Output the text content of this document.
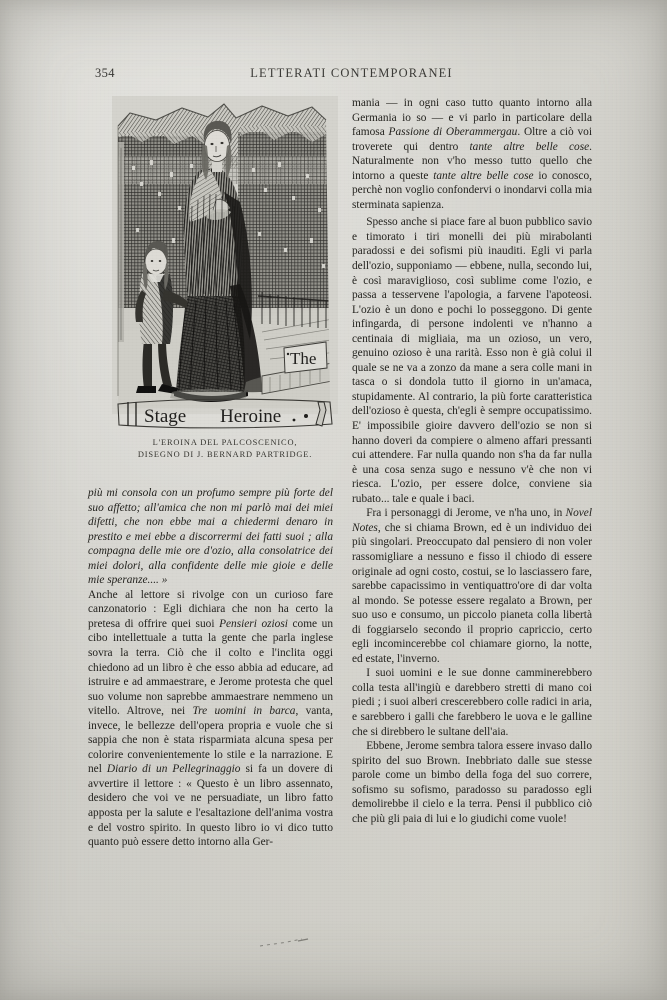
354	LETTERATI CONTEMPORANEI
The
Stage Heroine
L'EROINA DEL PALCOSCENICO,
DISEGNO DI J. BERNARD PARTRIDGE.

più mi consola con un profumo sempre più forte del suo affetto; all'amica che non mi parlò mai dei miei difetti, che non ebbe mai a chiedermi denaro in prestito e mei ebbe a discorrermi dei fatti suoi ; alla compagna delle mie ore d'ozio, alla consolatrice dei miei dolori, alla confidente delle mie gioie e delle mie speranze.... »

Anche al lettore si rivolge con un curioso fare canzonatorio : Egli dichiara che non ha certo la pretesa di offrire quei suoi Pensieri oziosi come un cibo intellettuale a tutta la gente che parla inglese sovra la terra. Ciò che il colto e l'inclita oggi chiedono ad un libro è che esso abbia ad educare, ad istruire e ad ammaestrare, e Jerome protesta che quel suo volume non saprebbe ammaestrare nemmeno un vitello. Altrove, nei Tre uomini in barca, vanta, invece, le bellezze dell'opera propria e vuole che si sappia che non è stata risparmiata alcuna spesa per colorire convenientemente lo stile e la narrazione. E nel Diario di un Pellegrinaggio si fa un dovere di avvertire il lettore : « Questo è un libro assennato, desidero che voi ve ne persuadiate, un libro fatto apposta per la salute e l'esaltazione dell'anima vostra e del vostro spirito. In questo libro io vi dico tutto quanto può essere detto intorno alla Ger-

mania — in ogni caso tutto quanto intorno alla Germania io so — e vi parlo in particolare della famosa Passione di Oberammergau. Oltre a ciò voi troverete qui dentro tante altre belle cose. Naturalmente non v'ho messo tutto quello che intorno a queste tante altre belle cose io conosco, perchè non voglio confondervi o inondarvi colla mia sterminata sapienza.

Spesso anche si piace fare al buon pubblico savio e timorato i tiri monelli dei più mirabolanti paradossi e dei sofismi più inauditi. Egli vi parla dell'ozio, supponiamo — ebbene, nulla, secondo lui, è così maraviglioso, così sublime come l'ozio, e passa a tesservene l'apologia, a farvene l'apoteosi. L'ozio è un dono e pochi lo posseggono. Di gente infingarda, di persone indolenti ve n'hanno a centinaia di migliaia, ma un ozioso, un vero, genuino ozioso è una rarità. Esso non è già colui il quale se ne va a zonzo da mane a sera colle mani in tasca o si dondola tutto il giorno in un'amaca, stupidamente. Al contrario, la più forte caratteristica dell'ozioso è questa, ch'egli è sempre occupatissimo. E' impossibile gioire davvero dell'ozio se non si hanno doveri da compiere o almeno affari pressanti cui attendere. Far nulla quando non s'ha da far nulla è una cosa senza sugo e nessuno v'è che non vi riesca. L'ozio, per essere dolce, conviene sia rubato... tale e quale i baci.

Fra i personaggi di Jerome, ve n'ha uno, in Novel Notes, che si chiama Brown, ed è un individuo dei più singolari. Preoccupato dal pensiero di non voler rassomigliare a nessuno e fisso il chiodo di essere originale ad ogni costo, costui, se lo lasciassero fare, sarebbe capacissimo in ventiquattro'ore di dar volta al mondo. Se potesse essere regalato a Brown, per suo uso e consumo, un piccolo pianeta colla libertà di foggiarselo secondo il proprio capriccio, certo egli incomincerebbe col chiamare giorno, la notte, ed estate, l'inverno.

I suoi uomini e le sue donne camminerebbero colla testa all'ingiù e darebbero stretti di mano coi piedi ; i suoi alberi crescerebbero colle radici in aria, e sarebbero i galli che farebbero le uova e le galline che si direbbero le sultane dell'aia.

Ebbene, Jerome sembra talora essere invaso dallo spirito del suo Brown. Inebbriato dalle sue stesse parole come un bimbo della foga del suo correre, sofismo su sofismo, paradosso su paradosso egli demolirebbe il cielo e la terra. Pensi il pubblico ciò che più gli paia di lui e lo giudichi come vuole!
